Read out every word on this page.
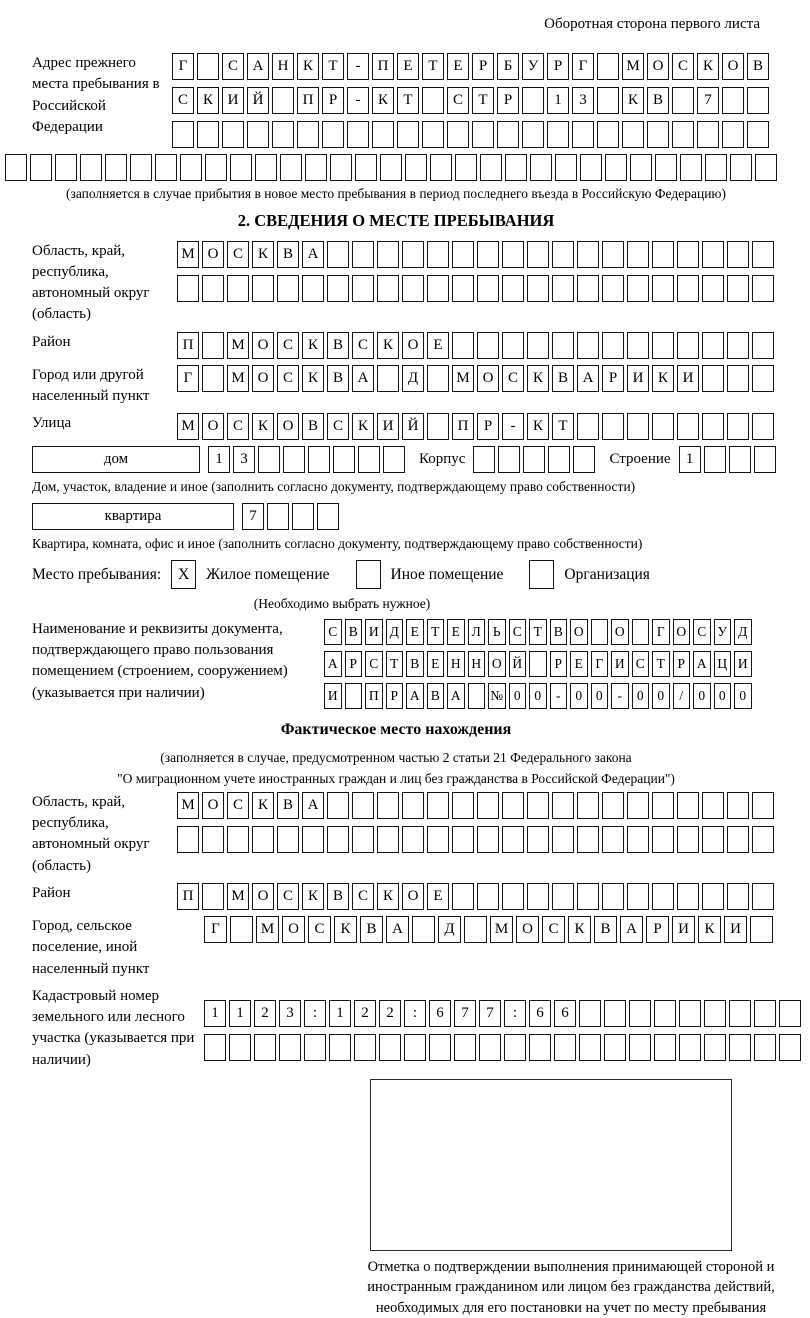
Оборотная сторона первого листа
Адрес прежнего места пребывания в Российской Федерации
Г	С А Н К	Т	-	П Е	Т	Е	Р	Б	У	Р	Г	М О С К О В
С К И Й	П	Р	-	К	Т	С	Т	Р	1	3	К В	7
(заполняется в случае прибытия в новое место пребывания в период последнего въезда в Российскую Федерацию)
2. СВЕДЕНИЯ О МЕСТЕ ПРЕБЫВАНИЯ
Область, край, республика, автономный округ (область)
М О С К В А
Район	П	М О С К В С К О Е
Город или другой населенный пункт
Г	М О С К В А	Д	М О С К В А	Р	И К И
Улица	М О С К О В С К И Й	П	Р	-	К	Т
дом	1	3	Корпус	Строение	1
Дом, участок, владение и иное (заполнить согласно документу, подтверждающему право собственности)
квартира	7
Квартира, комната, офис и иное (заполнить согласно документу, подтверждающему право собственности)
Место пребывания:	X	Жилое помещение	Иное помещение	Организация
(Необходимо выбрать нужное)
Наименование и реквизиты документа, подтверждающего право пользования помещением (строением, сооружением) (указывается при наличии)
С В И Д Е Т Е Л Ь С Т В О О	Г О С У Д
А Р С Т В Е Н Н О Й	Р Е Г И С Т Р А Ц И
И П Р А В А № 0	0	-	0	0	-	0	0	/	0	0	0
Фактическое место нахождения
(заполняется в случае, предусмотренном частью 2 статьи 21 Федерального закона
"О миграционном учете иностранных граждан и лиц без гражданства в Российской Федерации")
Область, край, республика, автономный округ (область)
М О С К В А
Район	П	М О С К В С К О Е
Город, сельское поселение, иной населенный пункт
Г	М О	С	К	В	А	Д	М О	С	К	В	А	Р	И	К	И
Кадастровый номер земельного или лесного участка (указывается при наличии)
1	1	2	3	:	1	2	2	:	6	7	7	:	6	6
Отметка о подтверждении выполнения принимающей стороной и иностранным гражданином или лицом без гражданства действий, необходимых для его постановки на учет по месту пребывания
